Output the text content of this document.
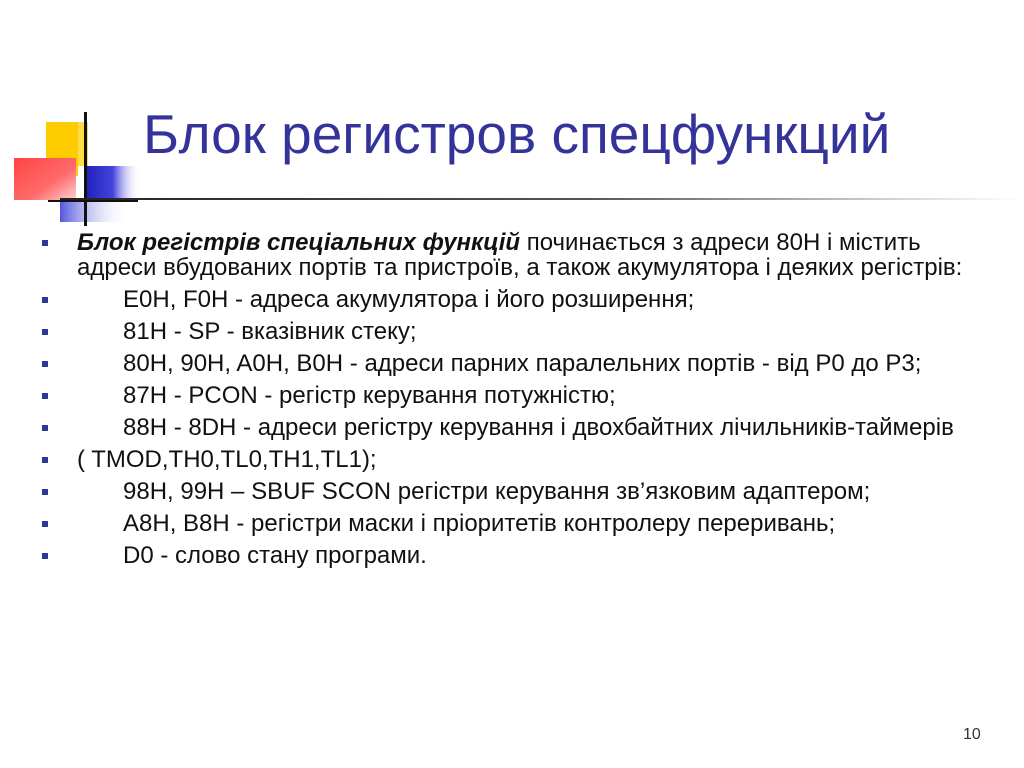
Блок регистров спецфункций
Блок регістрів спеціальних функцій починається з адреси 80H і містить адреси вбудованих портів та пристроїв, а також акумулятора і деяких регістрів:
E0H, F0H - адреса акумулятора і його розширення;
81H - SP - вказівник стеку;
80H, 90H, A0H, B0H - адреси парних паралельних портів - від P0 до P3;
87H - PCON - регістр керування потужністю;
88H - 8DH - адреси регістру керування і двохбайтних лічильників-таймерів
( TMOD,TH0,TL0,TH1,TL1);
98H, 99H – SBUF SCON регістри керування зв’язковим адаптером;
A8H, B8H - регістри маски і пріоритетів контролеру переривань;
D0 - слово стану програми.
10
